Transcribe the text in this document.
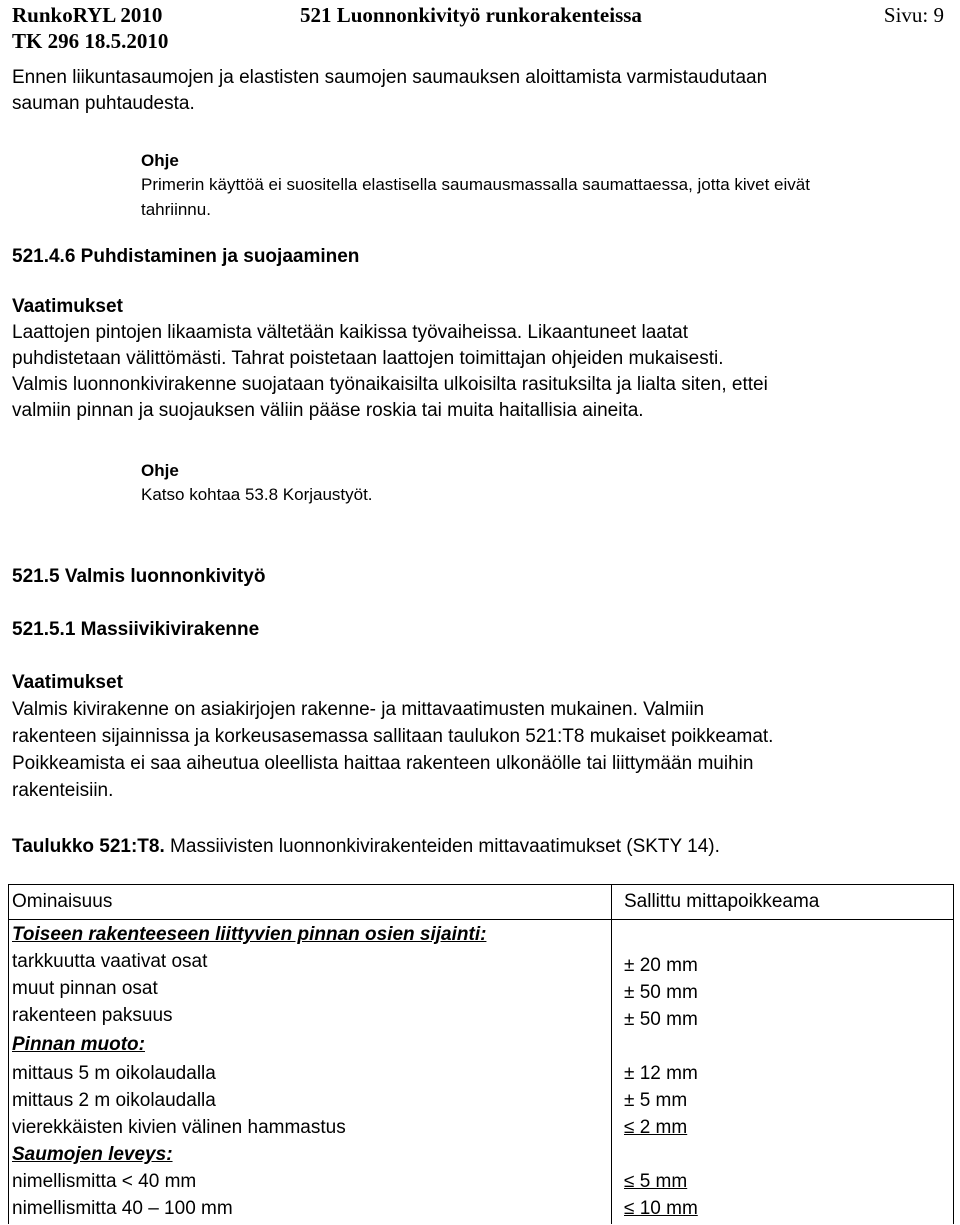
RunkoRYL 2010
TK 296 18.5.2010
521 Luonnonkivityö runkorakenteissa	Sivu: 9
Ennen liikuntasaumojen ja elastisten saumojen saumauksen aloittamista varmistaudutaan
sauman puhtaudesta.
Ohje
Primerin käyttöä ei suositella elastisella saumausmassalla saumattaessa, jotta kivet eivät
tahriinnu.
521.4.6 Puhdistaminen ja suojaaminen
Vaatimukset
Laattojen pintojen likaamista vältetään kaikissa työvaiheissa. Likaantuneet laatat
puhdistetaan välittömästi. Tahrat poistetaan laattojen toimittajan ohjeiden mukaisesti.
Valmis luonnonkivirakenne suojataan työnaikaisilta ulkoisilta rasituksilta ja lialta siten, ettei
valmiin pinnan ja suojauksen väliin pääse roskia tai muita haitallisia aineita.
Ohje
Katso kohtaa 53.8 Korjaustyöt.
521.5 Valmis luonnonkivityö
521.5.1 Massiivikivirakenne
Vaatimukset
Valmis kivirakenne on asiakirjojen rakenne- ja mittavaatimusten mukainen. Valmiin
rakenteen sijainnissa ja korkeusasemassa sallitaan taulukon 521:T8 mukaiset poikkeamat.
Poikkeamista ei saa aiheutua oleellista haittaa rakenteen ulkonäölle tai liittymään muihin
rakenteisiin.
Taulukko 521:T8. Massiivisten luonnonkivirakenteiden mittavaatimukset (SKTY 14).
Ominaisuus	Sallittu mittapoikkeama
Toiseen rakenteeseen liittyvien pinnan osien sijainti:
tarkkuutta vaativat osat	± 20 mm
muut pinnan osat	± 50 mm
rakenteen paksuus	± 50 mm
Pinnan muoto:
mittaus 5 m oikolaudalla	± 12 mm
mittaus 2 m oikolaudalla	± 5 mm
vierekkäisten kivien välinen hammastus	≤ 2 mm
Saumojen leveys:
nimellismitta < 40 mm	≤ 5 mm
nimellismitta 40 – 100 mm	≤ 10 mm
